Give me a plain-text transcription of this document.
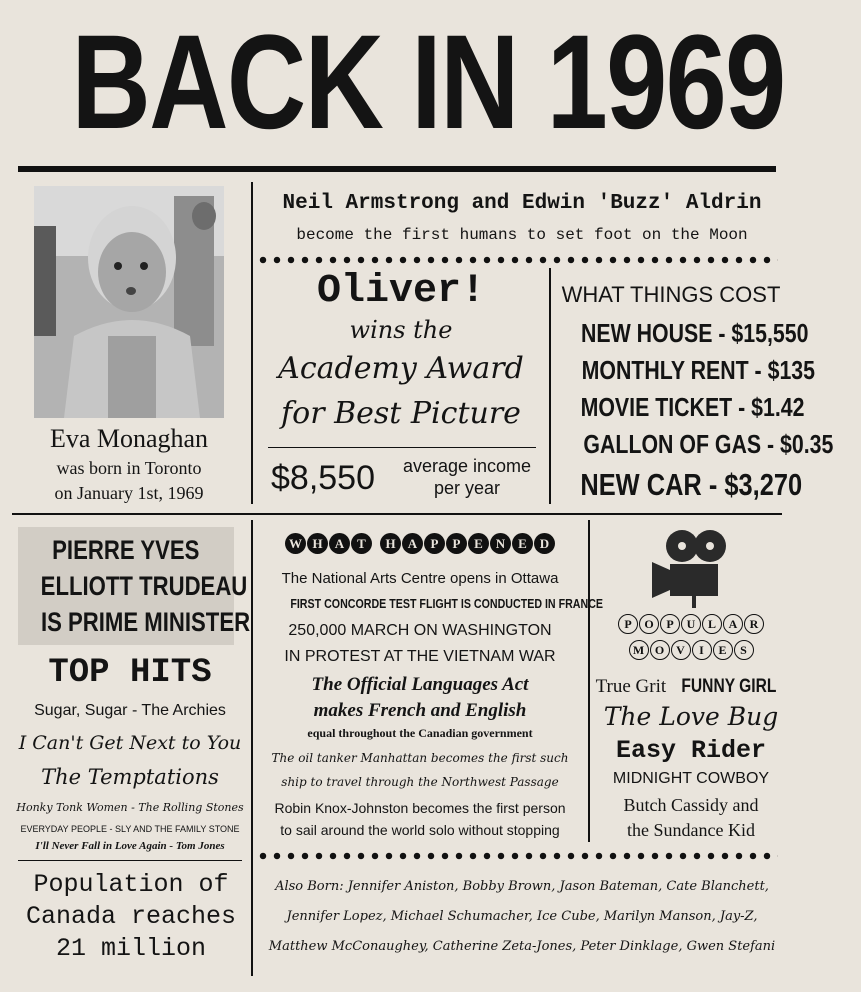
BACK IN 1969
Eva Monaghan
was born in Toronto
on January 1st, 1969
Neil Armstrong and Edwin 'Buzz' Aldrin
become the first humans to set foot on the Moon
Oliver!
wins the
Academy Award
for Best Picture
$8,550	average income
per year
WHAT THINGS COST
NEW HOUSE - $15,550
MONTHLY RENT - $135
MOVIE TICKET - $1.42
GALLON OF GAS - $0.35
NEW CAR - $3,270
PIERRE YVES
ELLIOTT TRUDEAU
IS PRIME MINISTER
TOP HITS
Sugar, Sugar - The Archies
I Can't Get Next to You
The Temptations
Honky Tonk Women - The Rolling Stones
EVERYDAY PEOPLE - SLY AND THE FAMILY STONE
I'll Never Fall in Love Again - Tom Jones
Population of
Canada reaches
21 million
W H A T	H A	P	P	E N E D
The National Arts Centre opens in Ottawa
FIRST CONCORDE TEST FLIGHT IS CONDUCTED IN FRANCE
250,000 MARCH ON WASHINGTON
IN PROTEST AT THE VIETNAM WAR
The Official Languages Act
makes French and English
equal throughout the Canadian government
The oil tanker Manhattan becomes the first such
ship to travel through the Northwest Passage
Robin Knox-Johnston becomes the first person
to sail around the world solo without stopping
P	O	P	U	L	A	R
M O V	I	E	S
True Grit FUNNY GIRL
The Love Bug
Easy Rider
MIDNIGHT COWBOY
Butch Cassidy and
the Sundance Kid
Also Born: Jennifer Aniston, Bobby Brown, Jason Bateman, Cate Blanchett,
Jennifer Lopez, Michael Schumacher, Ice Cube, Marilyn Manson, Jay-Z,
Matthew McConaughey, Catherine Zeta-Jones, Peter Dinklage, Gwen Stefani
